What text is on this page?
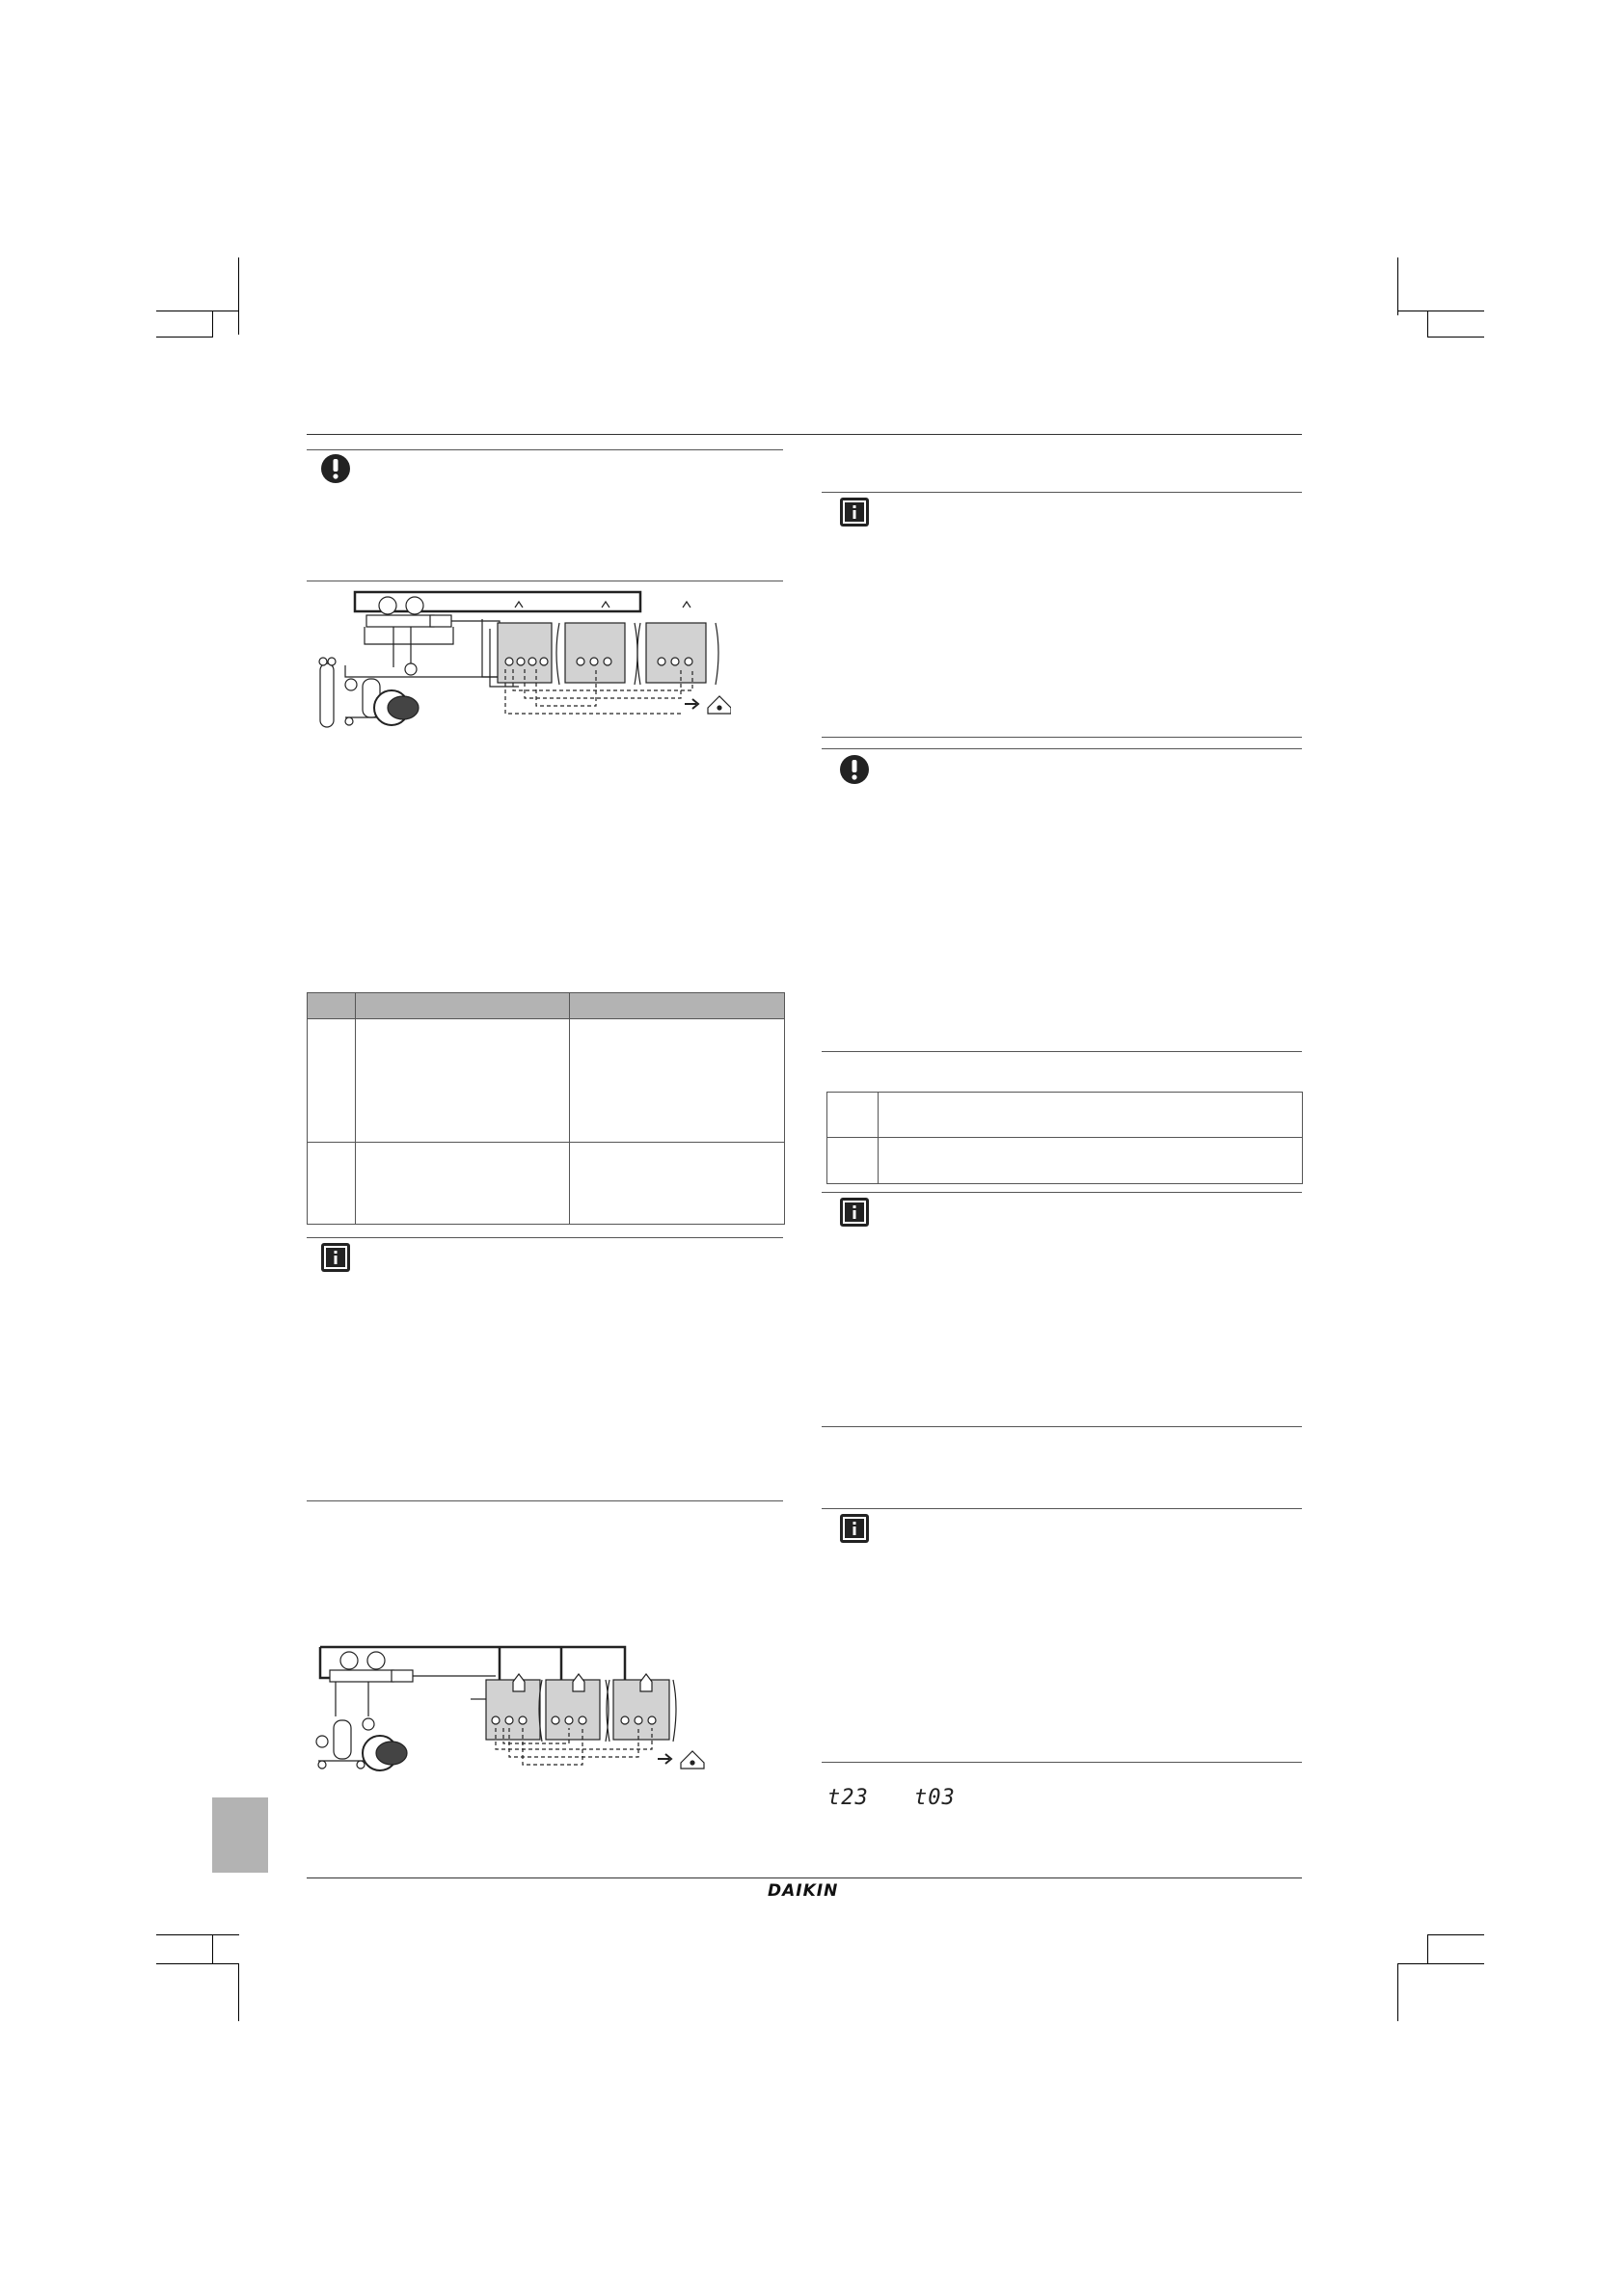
t23 t03
DAIKIN
